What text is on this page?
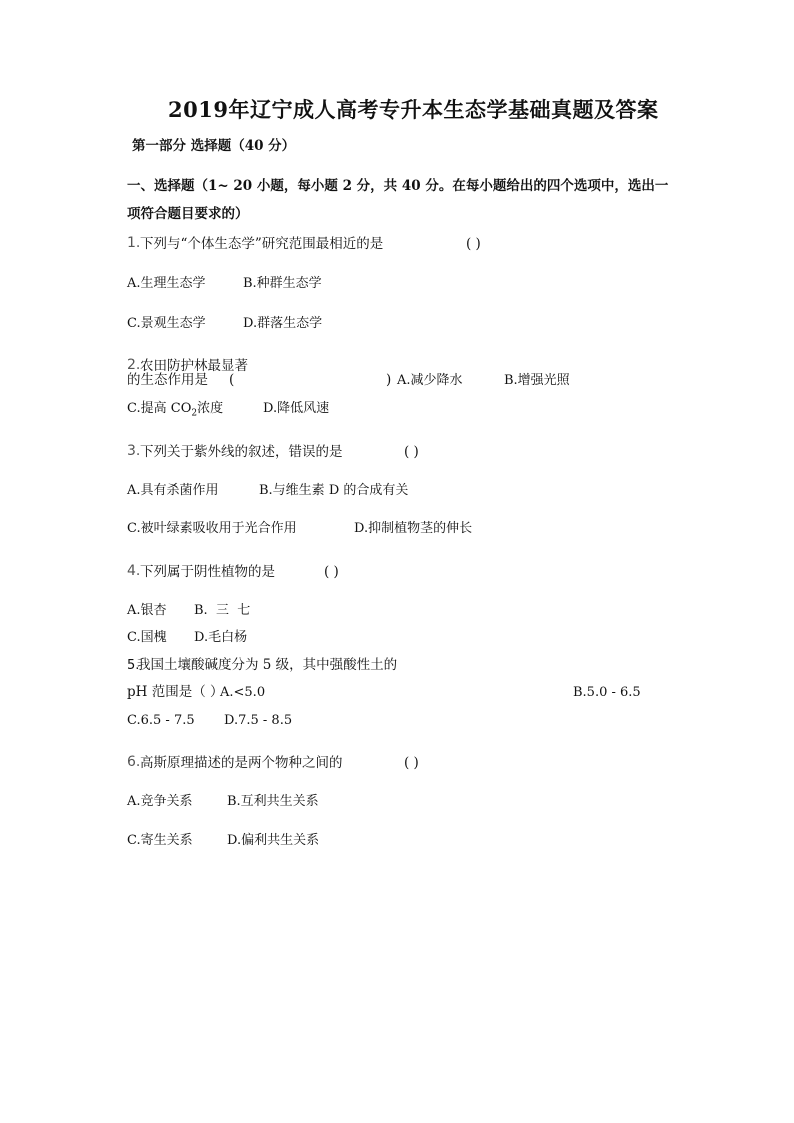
2019年辽宁成人高考专升本生态学基础真题及答案
第一部分 选择题（40 分）
一、选择题（1~ 20 小题，每小题 2 分，共 40 分。在每小题给出的四个选项中，选出一
项符合题目要求的）
1. 下列与“个体生态学”研究范围最相近的是	( )
A.生理生态学	B.种群生态学
C.景观生态学	D.群落生态学
2. 农田防护林最显著
的生态作用是 (	) A.减少降水	B.增强光照
C.提高 $CO_2$浓度	D.降低风速
3. 下列关于紫外线的叙述，错误的是	( )
A.具有杀菌作用	B.与维生素 D 的合成有关
C.被叶绿素吸收用于光合作用	D.抑制植物茎的伸长
4. 下列属于阴性植物的是	( )
A.银杏 B.  三  七
C.国槐 D.毛白杨
5.
我国土壤酸碱度分为 5 级，其中强酸性土的
pH 范围是（ ）
A.<5.0	B.5.0 - 6.5
C.6.5 - 7.5 D.7.5 - 8.5
6. 高斯原理描述的是两个物种之间的	( )
A.竞争关系	B.互利共生关系
C.寄生关系	D.偏利共生关系
